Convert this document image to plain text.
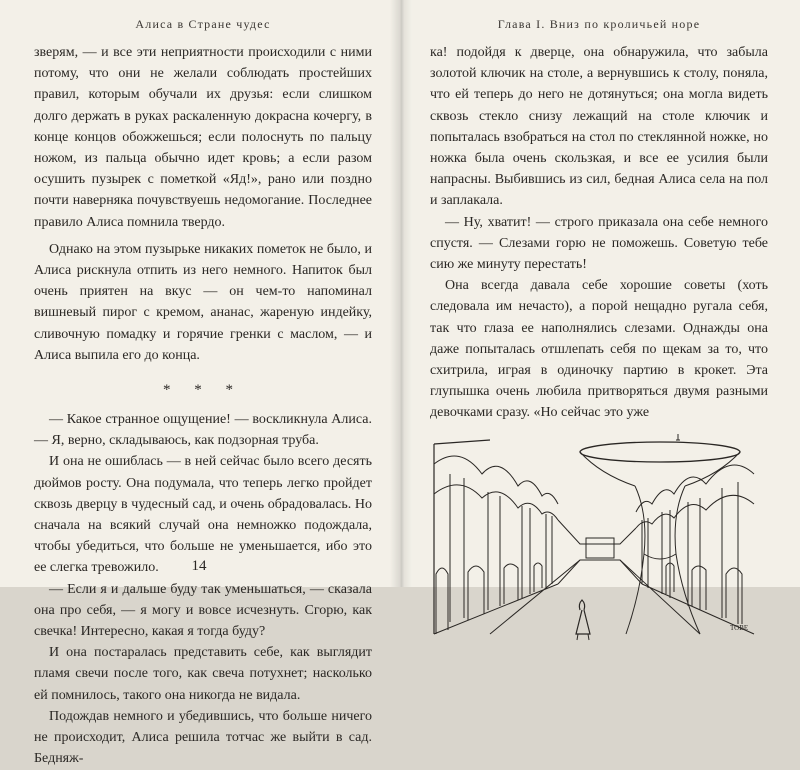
Алиса в Стране чудес

зверям, — и все эти неприятности происходили с ними потому, что они не желали соблюдать простейших правил, которым обучали их друзья: если слишком долго держать в руках раскаленную докрасна кочергу, в конце концов обожжешься; если полоснуть по пальцу ножом, из пальца обычно идет кровь; а если разом осушить пузырек с пометкой «Яд!», рано или поздно почти наверняка почувствуешь недомогание. Последнее правило Алиса помнила твердо.

Однако на этом пузырьке никаких пометок не было, и Алиса рискнула отпить из него немного. Напиток был очень приятен на вкус — он чем-то напоминал вишневый пирог с кремом, ананас, жареную индейку, сливочную помадку и горячие гренки с маслом, — и Алиса выпила его до конца.

* * *

— Какое странное ощущение! — воскликнула Алиса. — Я, верно, складываюсь, как подзорная труба.

И она не ошиблась — в ней сейчас было всего десять дюймов росту. Она подумала, что теперь легко пройдет сквозь дверцу в чудесный сад, и очень обрадовалась. Но сначала на всякий случай она немножко подождала, чтобы убедиться, что больше не уменьшается, ибо это ее слегка тревожило.

— Если я и дальше буду так уменьшаться, — сказала она про себя, — я могу и вовсе исчезнуть. Сгорю, как свечка! Интересно, какая я тогда буду?

И она постаралась представить себе, как выглядит пламя свечи после того, как свеча потухнет; насколько ей помнилось, такого она никогда не видала.

Подождав немного и убедившись, что больше ничего не происходит, Алиса решила тотчас же выйти в сад. Бедняж-

14
Глава I. Вниз по кроличьей норе

ка! подойдя к дверце, она обнаружила, что забыла золотой ключик на столе, а вернувшись к столу, поняла, что ей теперь до него не дотянуться; она могла видеть сквозь стекло снизу лежащий на столе ключик и попыталась взобраться на стол по стеклянной ножке, но ножка была очень скользкая, и все ее усилия были напрасны. Выбившись из сил, бедная Алиса села на пол и заплакала.

— Ну, хватит! — строго приказала она себе немного спустя. — Слезами горю не поможешь. Советую тебе сию же минуту перестать!

Она всегда давала себе хорошие советы (хоть следовала им нечасто), а порой нещадно ругала себя, так что глаза ее наполнялись слезами. Однажды она даже попыталась отшлепать себя по щекам за то, что схитрила, играя в одиночку партию в крокет. Эта глупышка очень любила притворяться двумя разными девочками сразу. «Но сейчас это уже

ТОВЕ
